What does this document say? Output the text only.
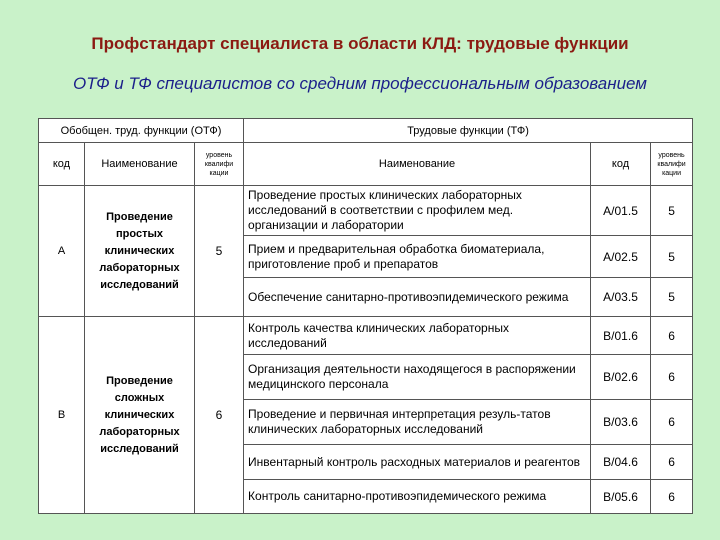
Профстандарт специалиста в области КЛД: трудовые функции
ОТФ и ТФ специалистов со средним профессиональным образованием
Обобщен. труд. функции (ОТФ)			Трудовые функции (ТФ)		
код	Наименование	уровень квалифи кации	Наименование	код	уровень квалифи кации
А	Проведение простых клинических лабораторных исследований	5	Проведение простых клинических лабораторных исследований в соответствии с профилем мед. организации и лаборатории	А/01.5	5
			Прием и предварительная обработка биоматериала, приготовление проб и препаратов	А/02.5	5
			Обеспечение санитарно-противоэпидемического режима	А/03.5	5
В	Проведение сложных клинических лабораторных исследований	6	Контроль качества клинических лабораторных исследований	В/01.6	6
			Организация деятельности находящегося в распоряжении медицинского персонала	В/02.6	6
			Проведение и первичная интерпретация резуль-татов клинических лабораторных исследований	В/03.6	6
			Инвентарный контроль расходных материалов и реагентов	В/04.6	6
			Контроль санитарно-противоэпидемического режима	В/05.6	6
